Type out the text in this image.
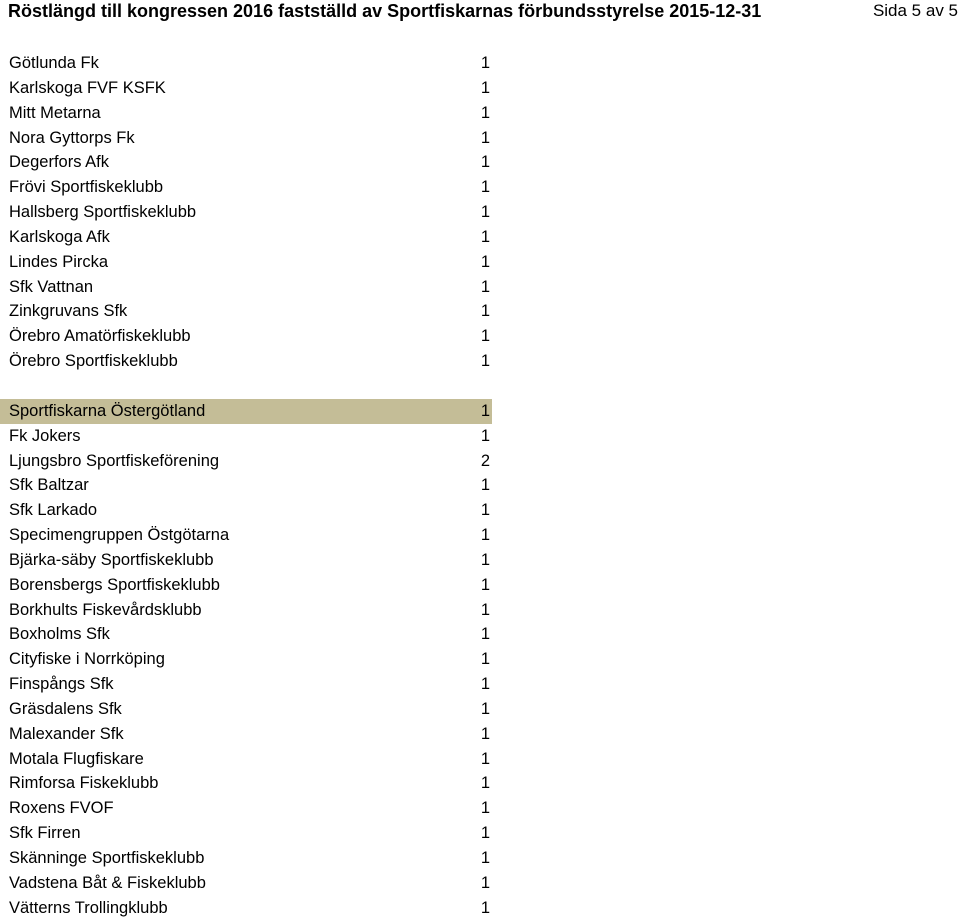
Röstlängd till kongressen 2016 fastställd av Sportfiskarnas förbundsstyrelse 2015-12-31	Sida 5 av 5
Götlunda Fk	1
Karlskoga FVF KSFK	1
Mitt Metarna	1
Nora Gyttorps Fk	1
Degerfors Afk	1
Frövi Sportfiskeklubb	1
Hallsberg Sportfiskeklubb	1
Karlskoga Afk	1
Lindes Pircka	1
Sfk Vattnan	1
Zinkgruvans Sfk	1
Örebro Amatörfiskeklubb	1
Örebro Sportfiskeklubb	1
Sportfiskarna Östergötland	1
Fk Jokers	1
Ljungsbro Sportfiskeförening	2
Sfk Baltzar	1
Sfk Larkado	1
Specimengruppen Östgötarna	1
Bjärka-säby Sportfiskeklubb	1
Borensbergs Sportfiskeklubb	1
Borkhults Fiskevårdsklubb	1
Boxholms Sfk	1
Cityfiske i Norrköping	1
Finspångs Sfk	1
Gräsdalens Sfk	1
Malexander Sfk	1
Motala Flugfiskare	1
Rimforsa Fiskeklubb	1
Roxens FVOF	1
Sfk Firren	1
Skänninge Sportfiskeklubb	1
Vadstena Båt & Fiskeklubb	1
Vätterns Trollingklubb	1
